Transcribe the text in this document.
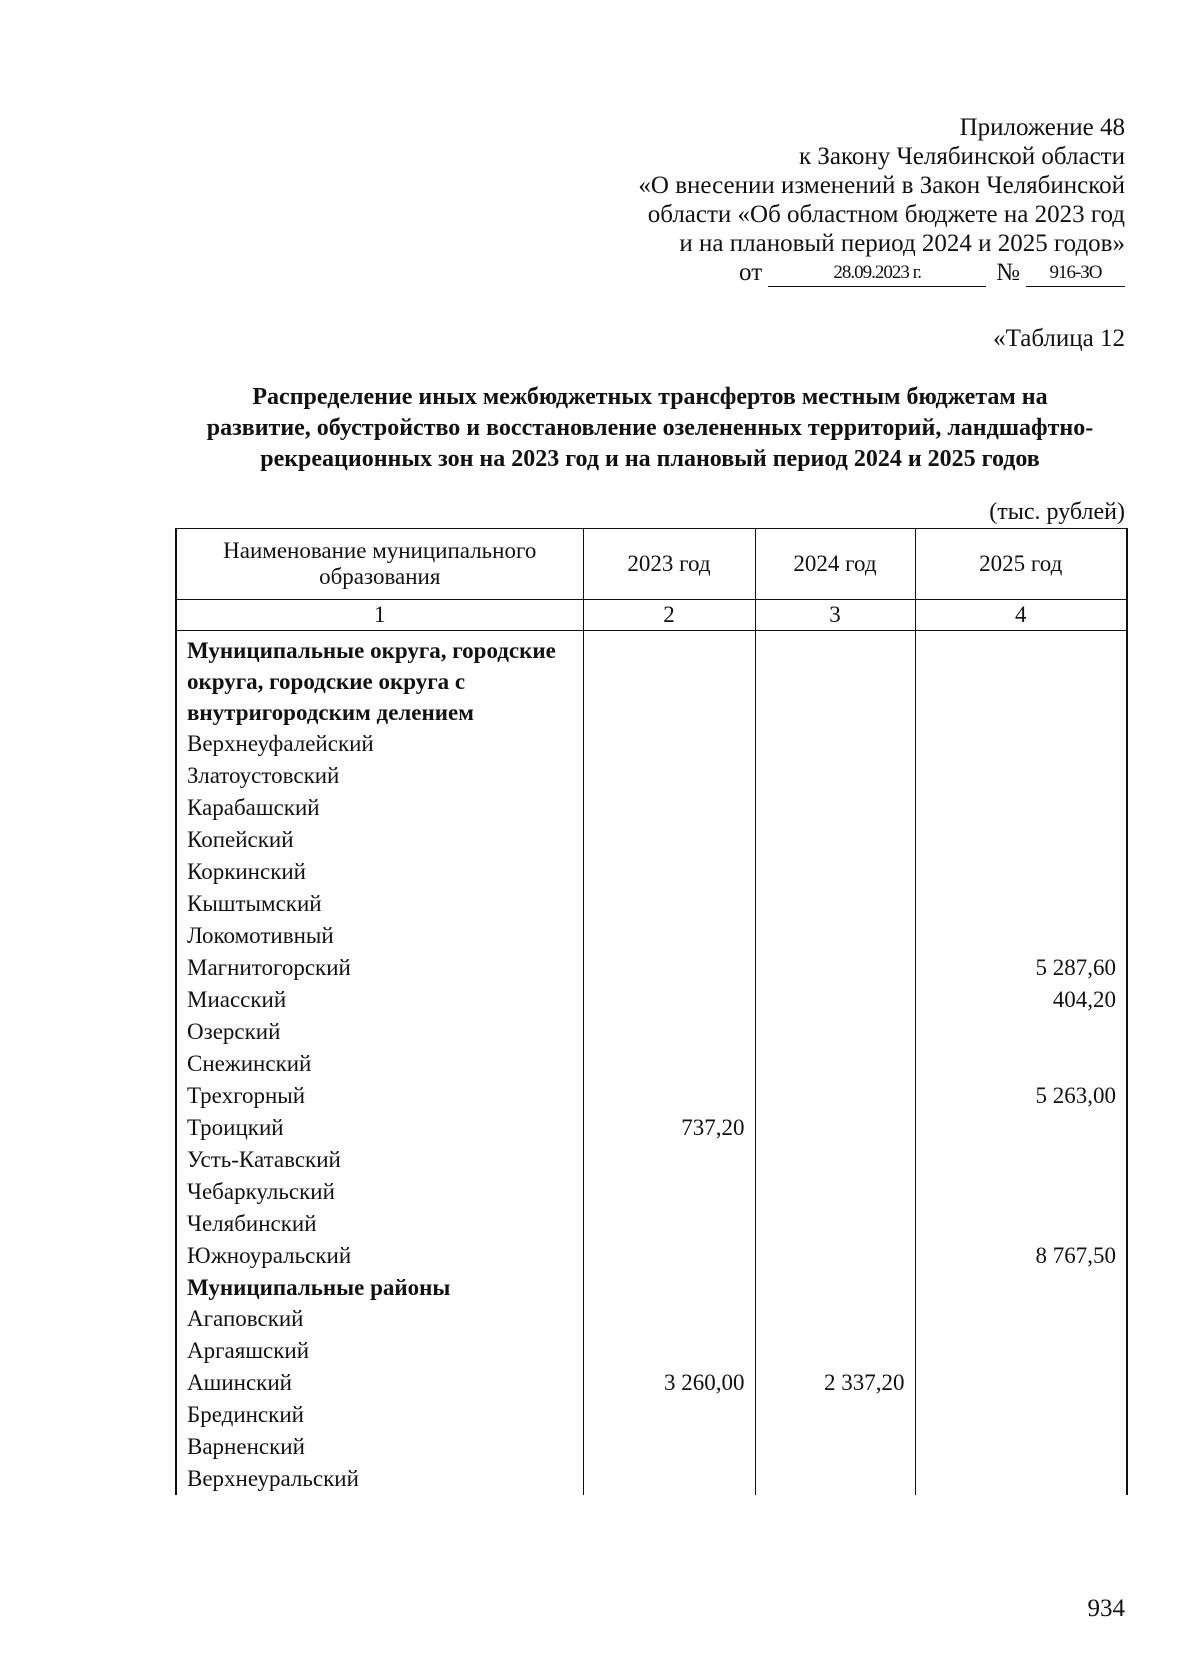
Приложение 48
к Закону Челябинской области
«О внесении изменений в Закон Челябинской
области «Об областном бюджете на 2023 год
и на плановый период 2024 и 2025 годов»
от	28.09.2023 г.	№	916-ЗО
«Таблица 12
Распределение иных межбюджетных трансфертов местным бюджетам на
развитие, обустройство и восстановление озелененных территорий, ландшафтно-
рекреационных зон на 2023 год и на плановый период 2024 и 2025 годов
(тыс. рублей)
Наименование муниципального образования	2023 год	2024 год	2025 год
1	2	3	4
Муниципальные округа, городские округа, городские округа с внутригородским делением			
Верхнеуфалейский			
Златоустовский			
Карабашский			
Копейский			
Коркинский			
Кыштымский			
Локомотивный			
Магнитогорский			5 287,60
Миасский			404,20
Озерский			
Снежинский			
Трехгорный			5 263,00
Троицкий	737,20		
Усть-Катавский			
Чебаркульский			
Челябинский			
Южноуральский			8 767,50
Муниципальные районы			
Агаповский			
Аргаяшский			
Ашинский	3 260,00	2 337,20	
Брединский			
Варненский			
Верхнеуральский			
934
